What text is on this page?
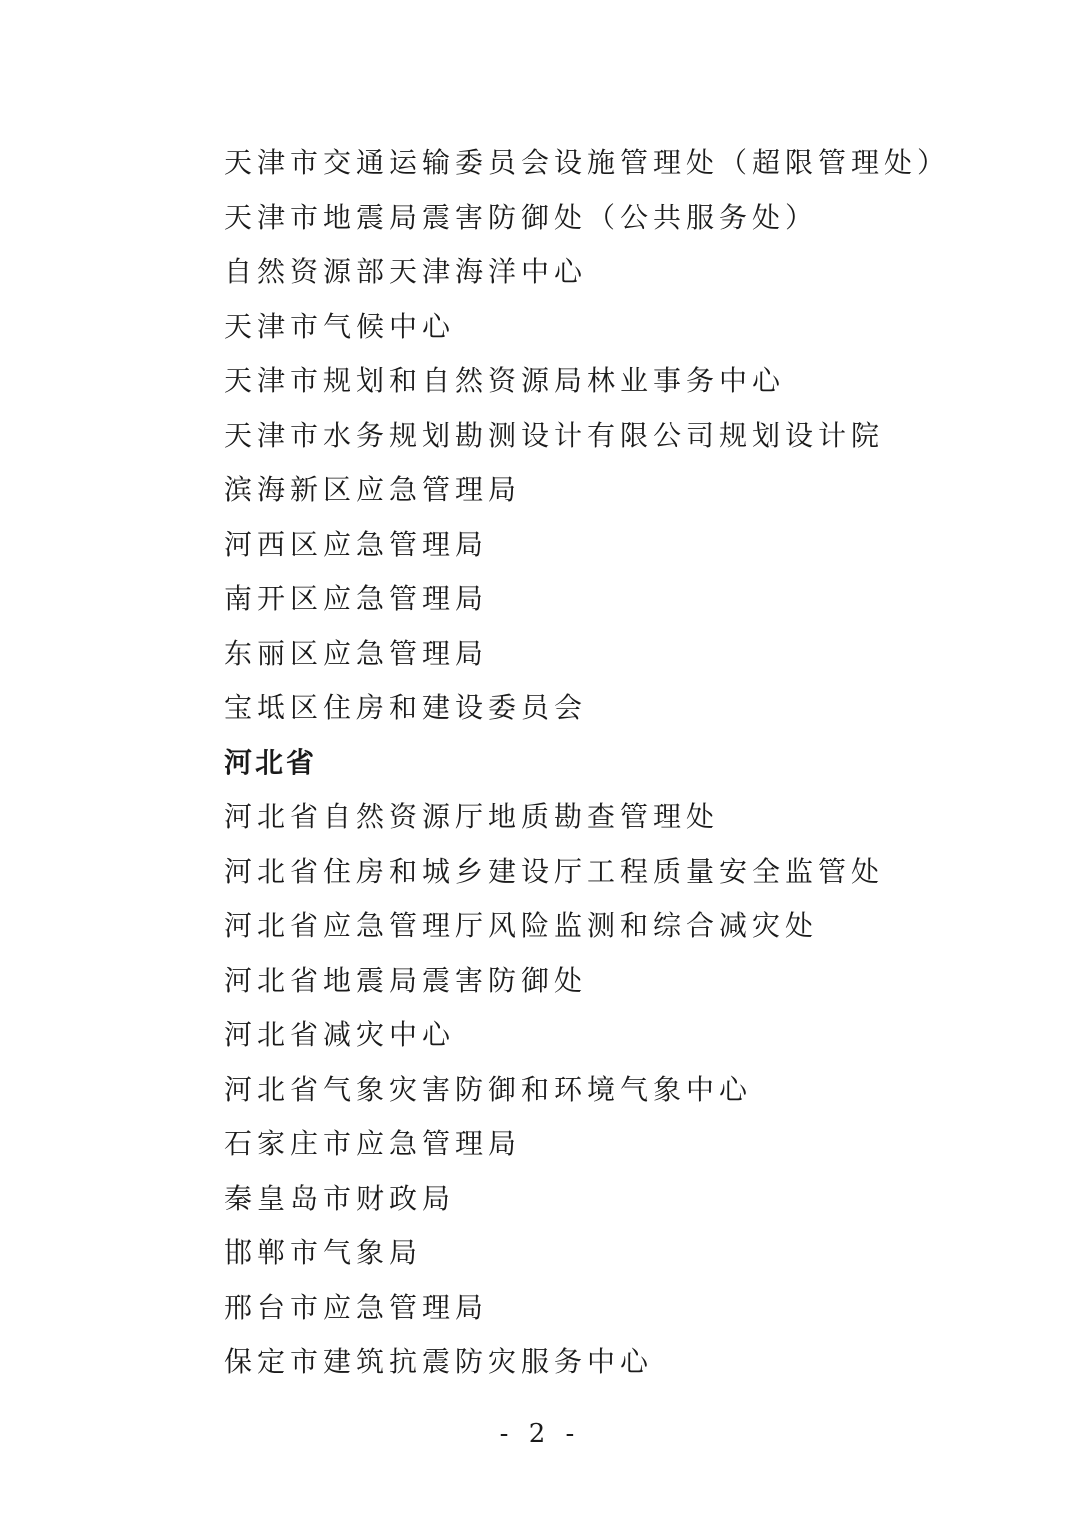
天津市交通运输委员会设施管理处（超限管理处）
天津市地震局震害防御处（公共服务处）
自然资源部天津海洋中心
天津市气候中心
天津市规划和自然资源局林业事务中心
天津市水务规划勘测设计有限公司规划设计院
滨海新区应急管理局
河西区应急管理局
南开区应急管理局
东丽区应急管理局
宝坻区住房和建设委员会
河北省
河北省自然资源厅地质勘查管理处
河北省住房和城乡建设厅工程质量安全监管处
河北省应急管理厅风险监测和综合减灾处
河北省地震局震害防御处
河北省减灾中心
河北省气象灾害防御和环境气象中心
石家庄市应急管理局
秦皇岛市财政局
邯郸市气象局
邢台市应急管理局
保定市建筑抗震防灾服务中心
- 2 -
